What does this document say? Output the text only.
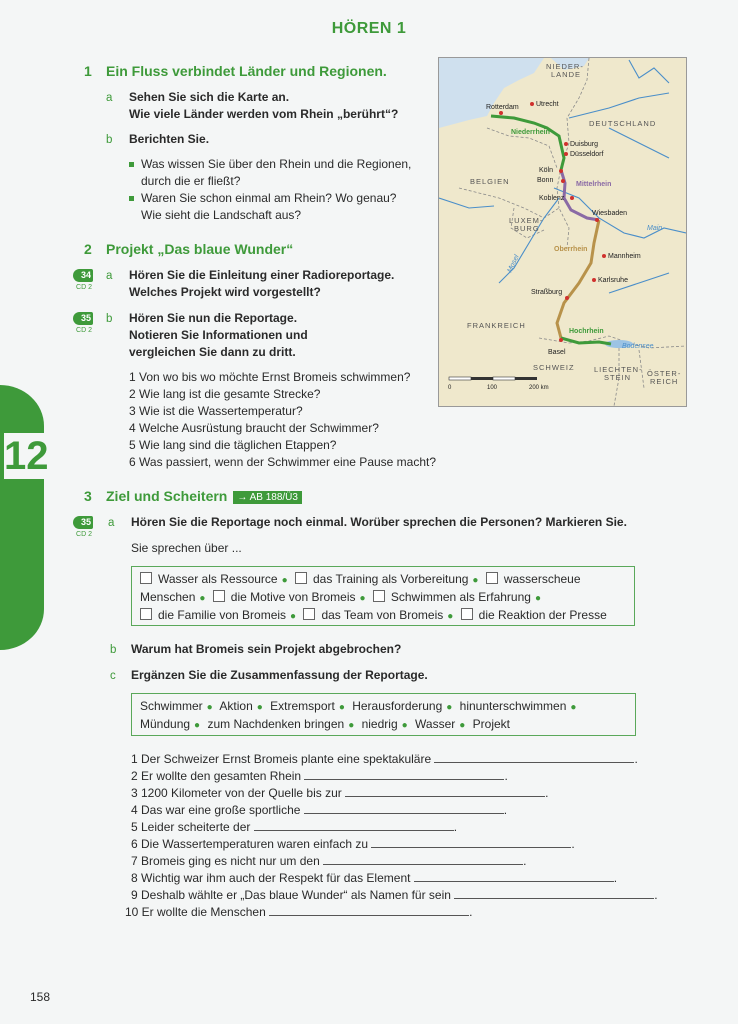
HÖREN 1
12
1 Ein Fluss verbindet Länder und Regionen.
a Sehen Sie sich die Karte an.
Wie viele Länder werden vom Rhein „berührt“?
b Berichten Sie.
Was wissen Sie über den Rhein und die Regionen,
durch die er fließt?
Waren Sie schon einmal am Rhein? Wo genau?
Wie sieht die Landschaft aus?
2 Projekt „Das blaue Wunder“
34
CD 2
a Hören Sie die Einleitung einer Radioreportage.
Welches Projekt wird vorgestellt?
35
CD 2
b Hören Sie nun die Reportage.
Notieren Sie Informationen und
vergleichen Sie dann zu dritt.
1 Von wo bis wo möchte Ernst Bromeis schwimmen?
2 Wie lang ist die gesamte Strecke?
3 Wie ist die Wassertemperatur?
4 Welche Ausrüstung braucht der Schwimmer?
5 Wie lang sind die täglichen Etappen?
6 Was passiert, wenn der Schwimmer eine Pause macht?
NIEDER-
LANDE
DEUTSCHLAND
BELGIEN
LUXEM-
BURG
FRANKREICH
SCHWEIZ	LIECHTEN-
STEIN ÖSTER-
REICH
Rotterdam Utrecht
Duisburg
Düsseldorf
Köln
Bonn
Koblenz
Wiesbaden
Mannheim
Karlsruhe
Straßburg
Basel
Niederrhein
Mittelrhein
Oberrhein
Hochrhein
Main
Mosel
Bodensee
0	100	200 km
3 Ziel und Scheitern → AB 188/Ü3
35
CD 2
a Hören Sie die Reportage noch einmal. Worüber sprechen die Personen? Markieren Sie.
Sie sprechen über ...
Wasser als Ressource ● das Training als Vorbereitung ● wasserscheue
Menschen ● die Motive von Bromeis ● Schwimmen als Erfahrung ●
die Familie von Bromeis ● das Team von Bromeis ● die Reaktion der Presse
b Warum hat Bromeis sein Projekt abgebrochen?
c Ergänzen Sie die Zusammenfassung der Reportage.
Schwimmer ● Aktion ● Extremsport ● Herausforderung ● hinunterschwimmen ●
Mündung ● zum Nachdenken bringen ● niedrig ● Wasser ● Projekt
1 Der Schweizer Ernst Bromeis plante eine spektakuläre	.
2 Er wollte den gesamten Rhein	.
3 1200 Kilometer von der Quelle bis zur	.
4 Das war eine große sportliche	.
5 Leider scheiterte der	.
6 Die Wassertemperaturen waren einfach zu	.
7 Bromeis ging es nicht nur um den	.
8 Wichtig war ihm auch der Respekt für das Element	.
9 Deshalb wählte er „Das blaue Wunder“ als Namen für sein	.
10 Er wollte die Menschen	.
158
